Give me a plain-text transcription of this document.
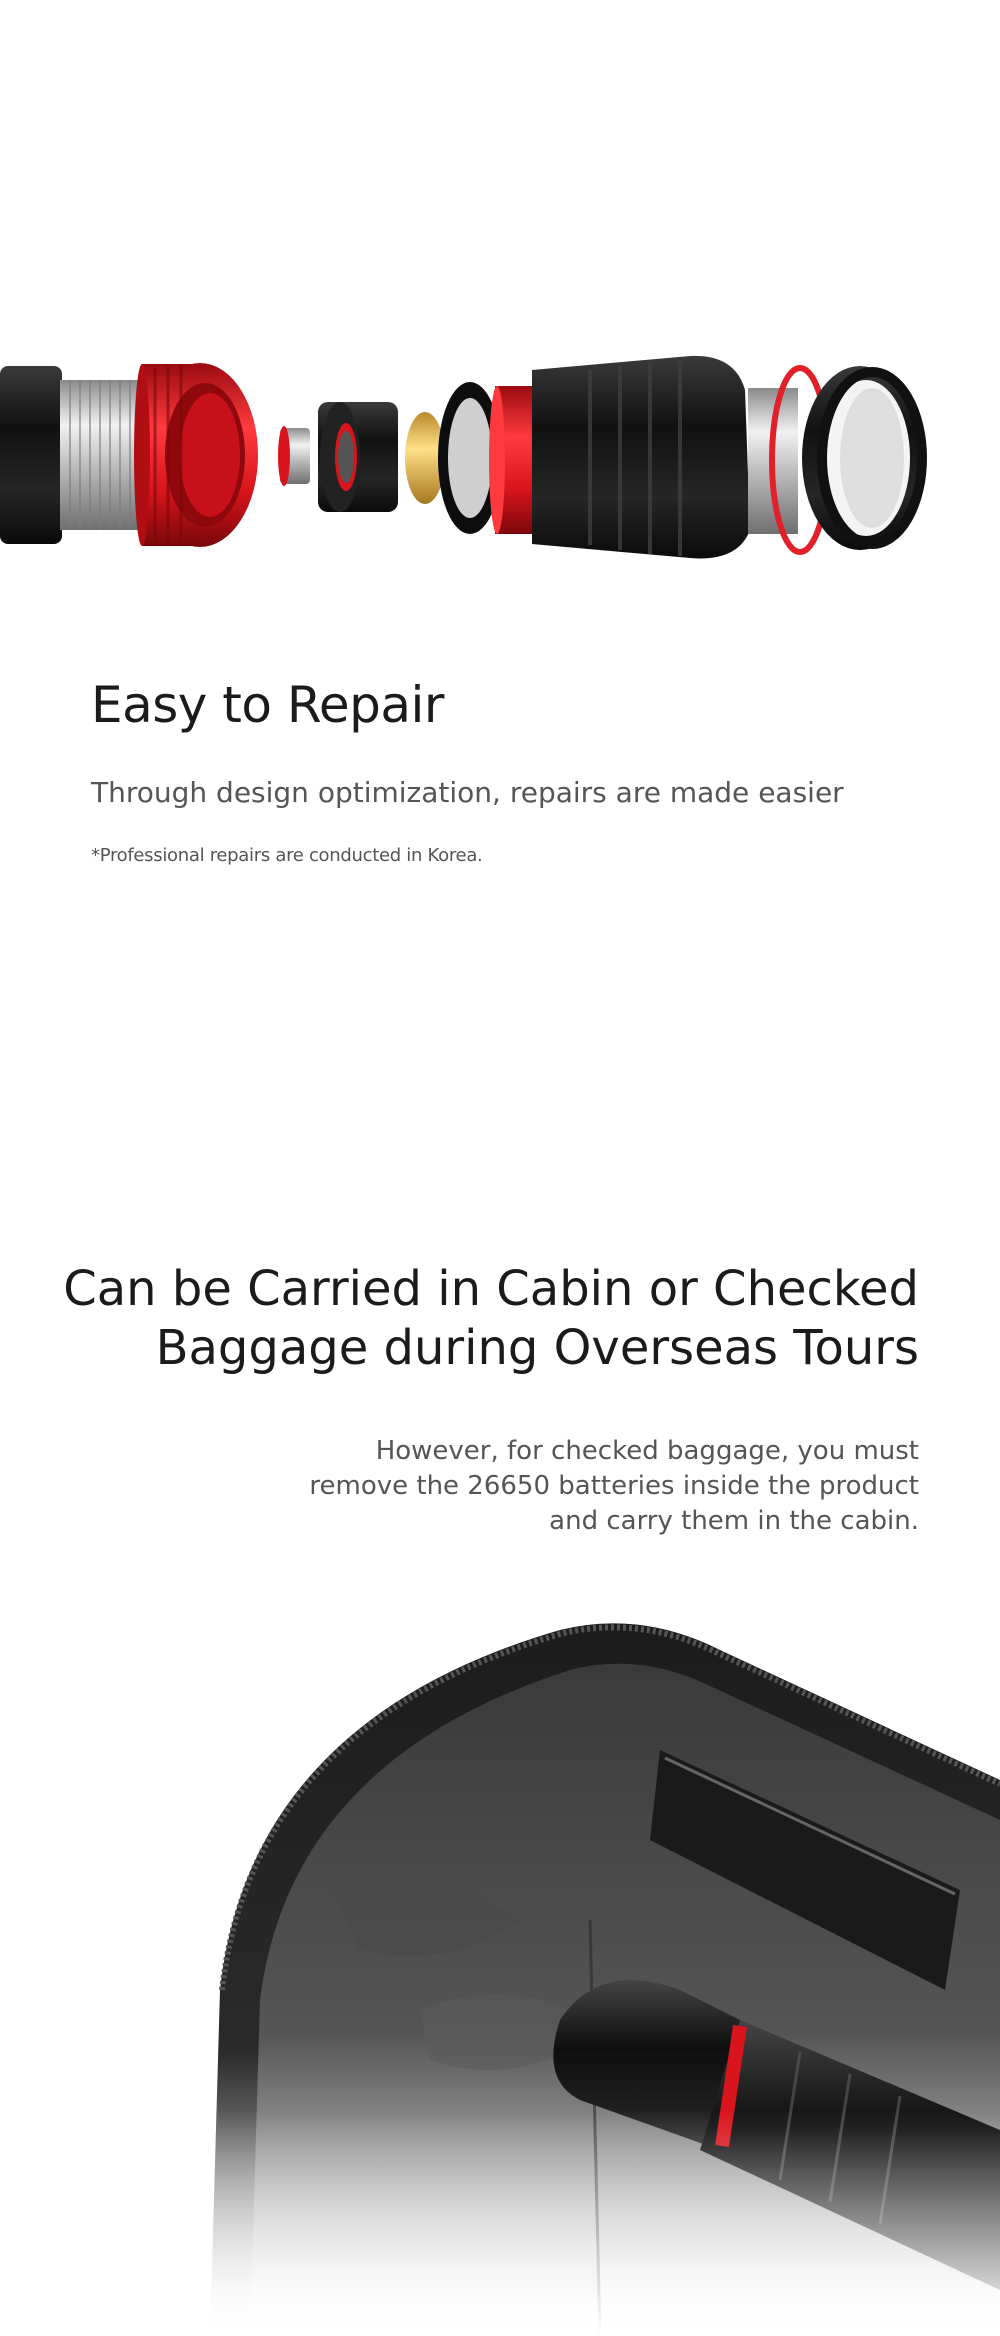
Easy to Repair

Through design optimization, repairs are made easier

*Professional repairs are conducted in Korea.

Can be Carried in Cabin or Checked
Baggage during Overseas Tours
However, for checked baggage, you must
remove the 26650 batteries inside the product
and carry them in the cabin.
